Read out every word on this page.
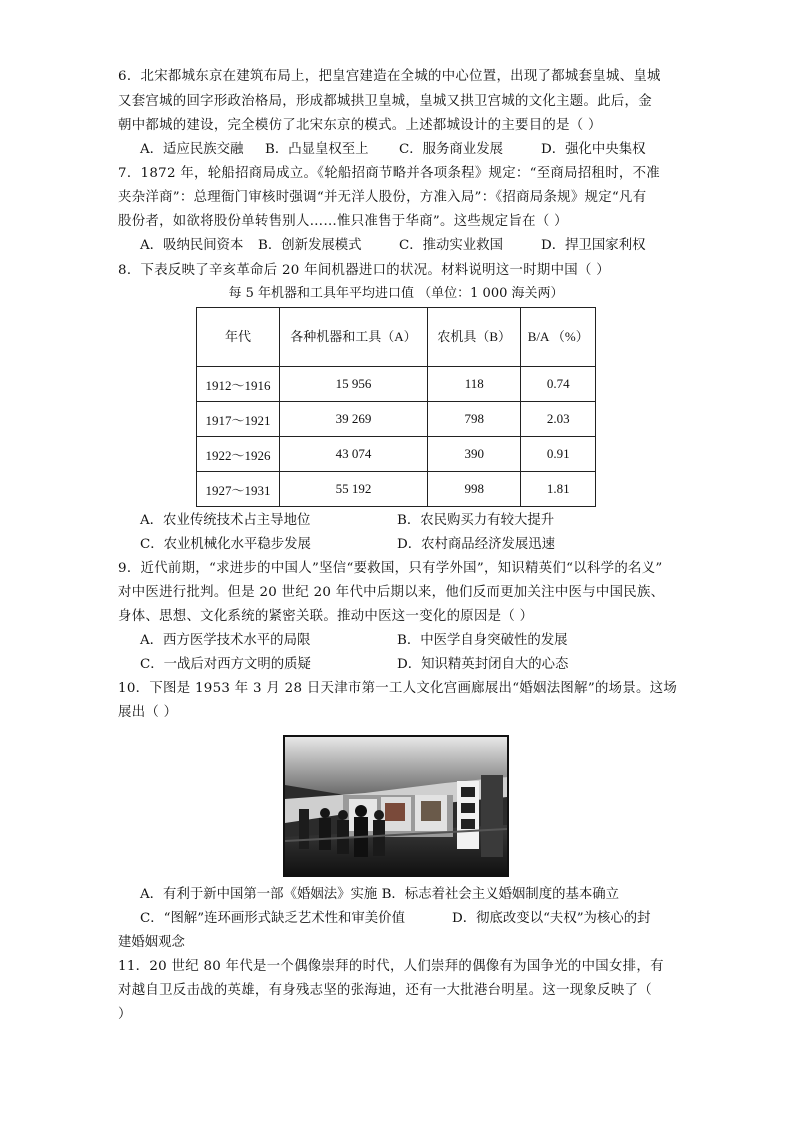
6．北宋都城东京在建筑布局上，把皇宫建造在全城的中心位置，出现了都城套皇城、皇城
又套宫城的回字形政治格局，形成都城拱卫皇城，皇城又拱卫宫城的文化主题。此后，金
朝中都城的建设，完全模仿了北宋东京的模式。上述都城设计的主要目的是（ ）
A．适应民族交融 B．凸显皇权至上 C．服务商业发展	D．强化中央集权
7．1872 年，轮船招商局成立。《轮船招商节略并各项条程》规定：“至商局招租时，不准
夹杂洋商”：总理衙门审核时强调“并无洋人股份，方准入局”：《招商局条规》规定“凡有
股份者，如欲将股份单转售别人……惟只准售于华商”。这些规定旨在（ ）
A．吸纳民间资本 B．创新发展模式	C．推动实业救国	D．捍卫国家利权
8．下表反映了辛亥革命后 20 年间机器进口的状况。材料说明这一时期中国（ ）
每 5 年机器和工具年平均进口值 （单位：1 000 海关两）
年代	各种机器和工具（A）	农机具（B）	B/A （%）
1912～1916	15 956	118	0.74
1917～1921	39 269	798	2.03
1922～1926	43 074	390	0.91
1927～1931	55 192	998	1.81
A．农业传统技术占主导地位	B．农民购买力有较大提升
C．农业机械化水平稳步发展	D．农村商品经济发展迅速
9．近代前期，“求进步的中国人”坚信“要救国，只有学外国”，知识精英们“以科学的名义”
对中医进行批判。但是 20 世纪 20 年代中后期以来，他们反而更加关注中医与中国民族、
身体、思想、文化系统的紧密关联。推动中医这一变化的原因是（ ）
A．西方医学技术水平的局限	B．中医学自身突破性的发展
C．一战后对西方文明的质疑	D．知识精英封闭自大的心态
10．下图是 1953 年 3 月 28 日天津市第一工人文化宫画廊展出“婚姻法图解”的场景。这场
展出（ ）
A．有利于新中国第一部《婚姻法》实施 B．标志着社会主义婚姻制度的基本确立
C．“图解”连环画形式缺乏艺术性和审美价值	D．彻底改变以“夫权”为核心的封
建婚姻观念
11．20 世纪 80 年代是一个偶像崇拜的时代，人们崇拜的偶像有为国争光的中国女排，有
对越自卫反击战的英雄，有身残志坚的张海迪，还有一大批港台明星。这一现象反映了（
）
